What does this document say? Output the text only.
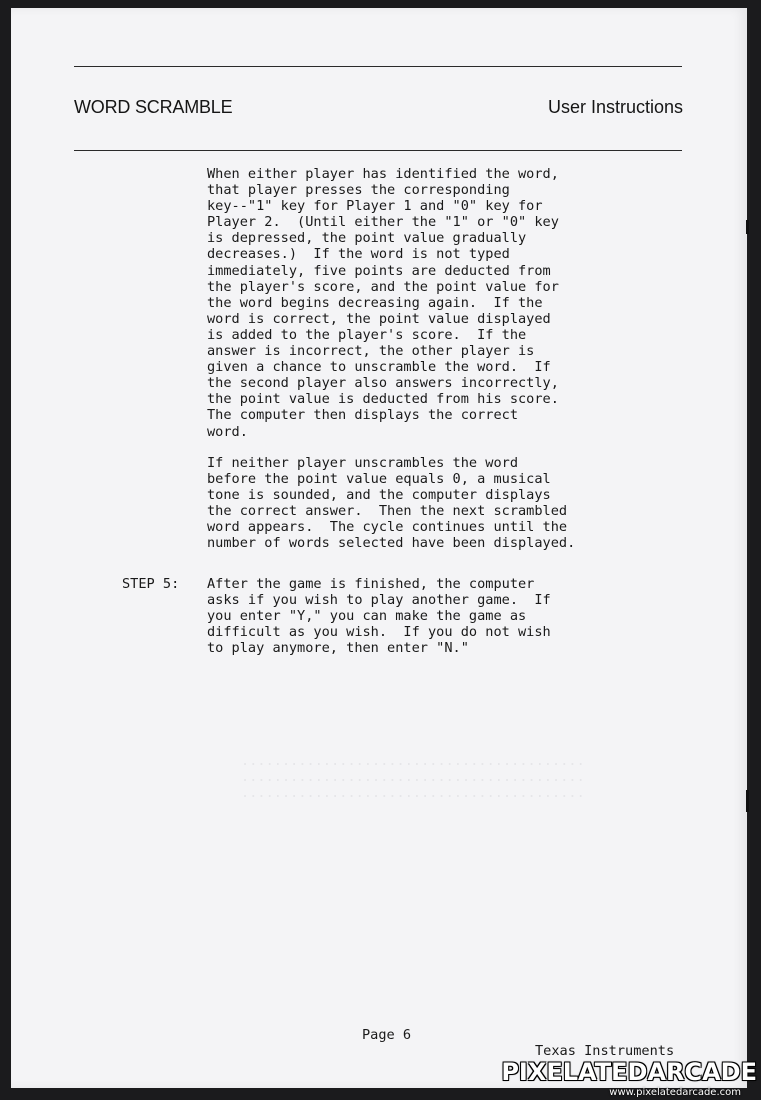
..........................................
..........................................
..........................................
WORD SCRAMBLE	User Instructions
When either player has identified the word,
that player presses the corresponding
key--"1" key for Player 1 and "0" key for
Player 2.  (Until either the "1" or "0" key
is depressed, the point value gradually
decreases.)  If the word is not typed
immediately, five points are deducted from
the player's score, and the point value for
the word begins decreasing again.  If the
word is correct, the point value displayed
is added to the player's score.  If the
answer is incorrect, the other player is
given a chance to unscramble the word.  If
the second player also answers incorrectly,
the point value is deducted from his score.
The computer then displays the correct
word.
If neither player unscrambles the word
before the point value equals 0, a musical
tone is sounded, and the computer displays
the correct answer.  Then the next scrambled
word appears.  The cycle continues until the
number of words selected have been displayed.
STEP 5: After the game is finished, the computer
asks if you wish to play another game.  If
you enter "Y," you can make the game as
difficult as you wish.  If you do not wish
to play anymore, then enter "N."
Page 6
Texas Instruments
PIXELATEDARCADE
www.pixelatedarcade.com
